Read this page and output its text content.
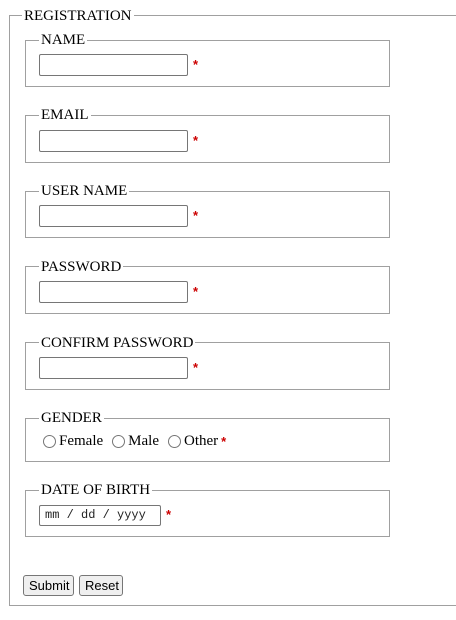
REGISTRATION
NAME
*
EMAIL
*
USER NAME
*
PASSWORD
*
CONFIRM PASSWORD
*
GENDER
Female Male Other *
DATE OF BIRTH
mm / dd / yyyy	*
Submit	Reset
